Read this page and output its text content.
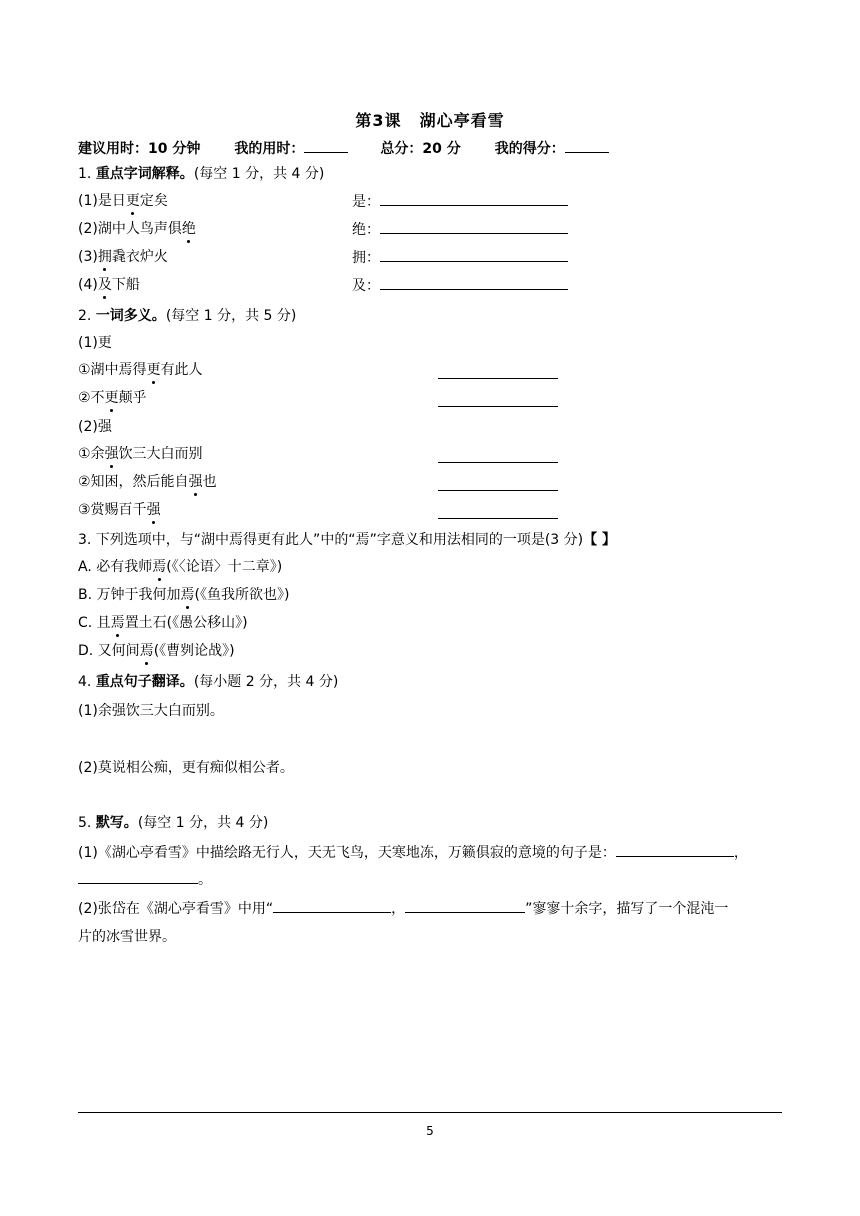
第3课 湖心亭看雪
建议用时：10 分钟 我的用时：	总分：20 分 我的得分：
1. 重点字词解释。(每空 1 分，共 4 分)
(1)是日更定矣	是：
(2)湖中人鸟声俱绝	绝：
(3)拥毳衣炉火	拥：
(4)及下船	及：
2. 一词多义。(每空 1 分，共 5 分)
(1)更
①湖中焉得更有此人
②不更颠乎
(2)强
①余强饮三大白而别
②知困，然后能自强也
③赏赐百千强
3. 下列选项中，与“湖中焉得更有此人”中的“焉”字意义和用法相同的一项是(3 分)【 】
A. 必有我师焉(《〈论语〉十二章》)
B. 万钟于我何加焉(《鱼我所欲也》)
C. 且焉置土石(《愚公移山》)
D. 又何间焉(《曹刿论战》)
4. 重点句子翻译。(每小题 2 分，共 4 分)
(1)余强饮三大白而别。
(2)莫说相公痴，更有痴似相公者。
5. 默写。(每空 1 分，共 4 分)
(1)《湖心亭看雪》中描绘路无行人，天无飞鸟，天寒地冻，万籁俱寂的意境的句子是：	，
。
(2)张岱在《湖心亭看雪》中用“	，	”寥寥十余字，描写了一个混沌一
片的冰雪世界。
5
